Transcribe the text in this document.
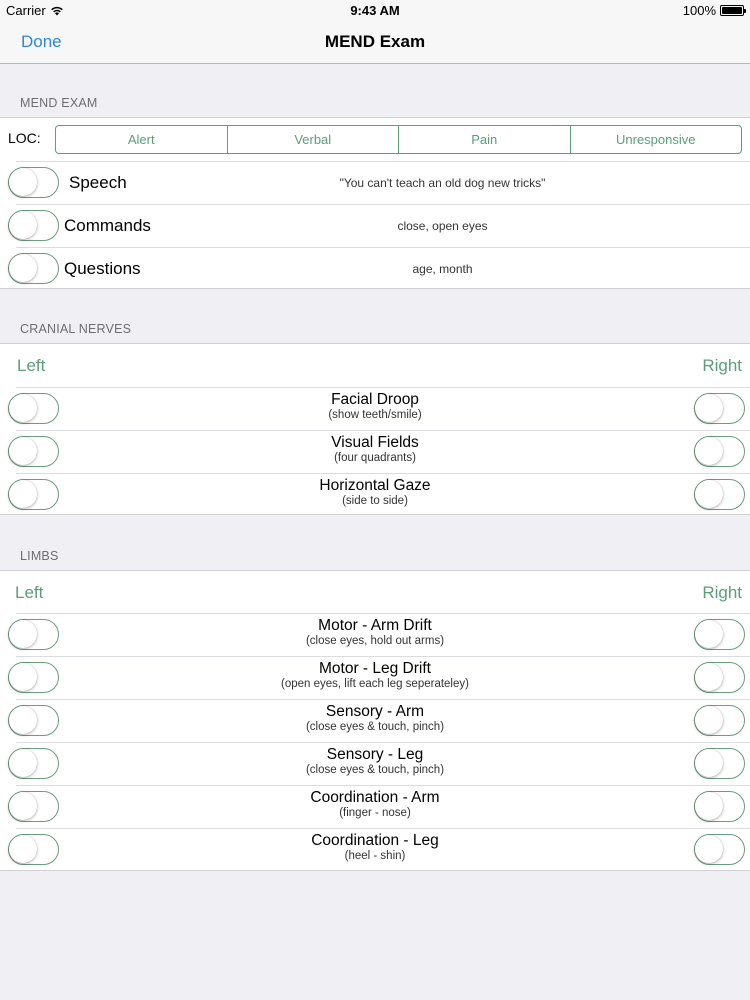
Carrier	9:43 AM	100%
Done	MEND Exam
MEND EXAM
LOC:	Alert	Verbal	Pain	Unresponsive
Speech	"You can't teach an old dog new tricks"
Commands	close, open eyes
Questions	age, month
CRANIAL NERVES
Left	Right
Facial Droop
(show teeth/smile)
Visual Fields
(four quadrants)
Horizontal Gaze
(side to side)
LIMBS
Left	Right
Motor - Arm Drift
(close eyes, hold out arms)
Motor - Leg Drift
(open eyes, lift each leg seperateley)
Sensory - Arm
(close eyes & touch, pinch)
Sensory - Leg
(close eyes & touch, pinch)
Coordination - Arm
(finger - nose)
Coordination - Leg
(heel - shin)
